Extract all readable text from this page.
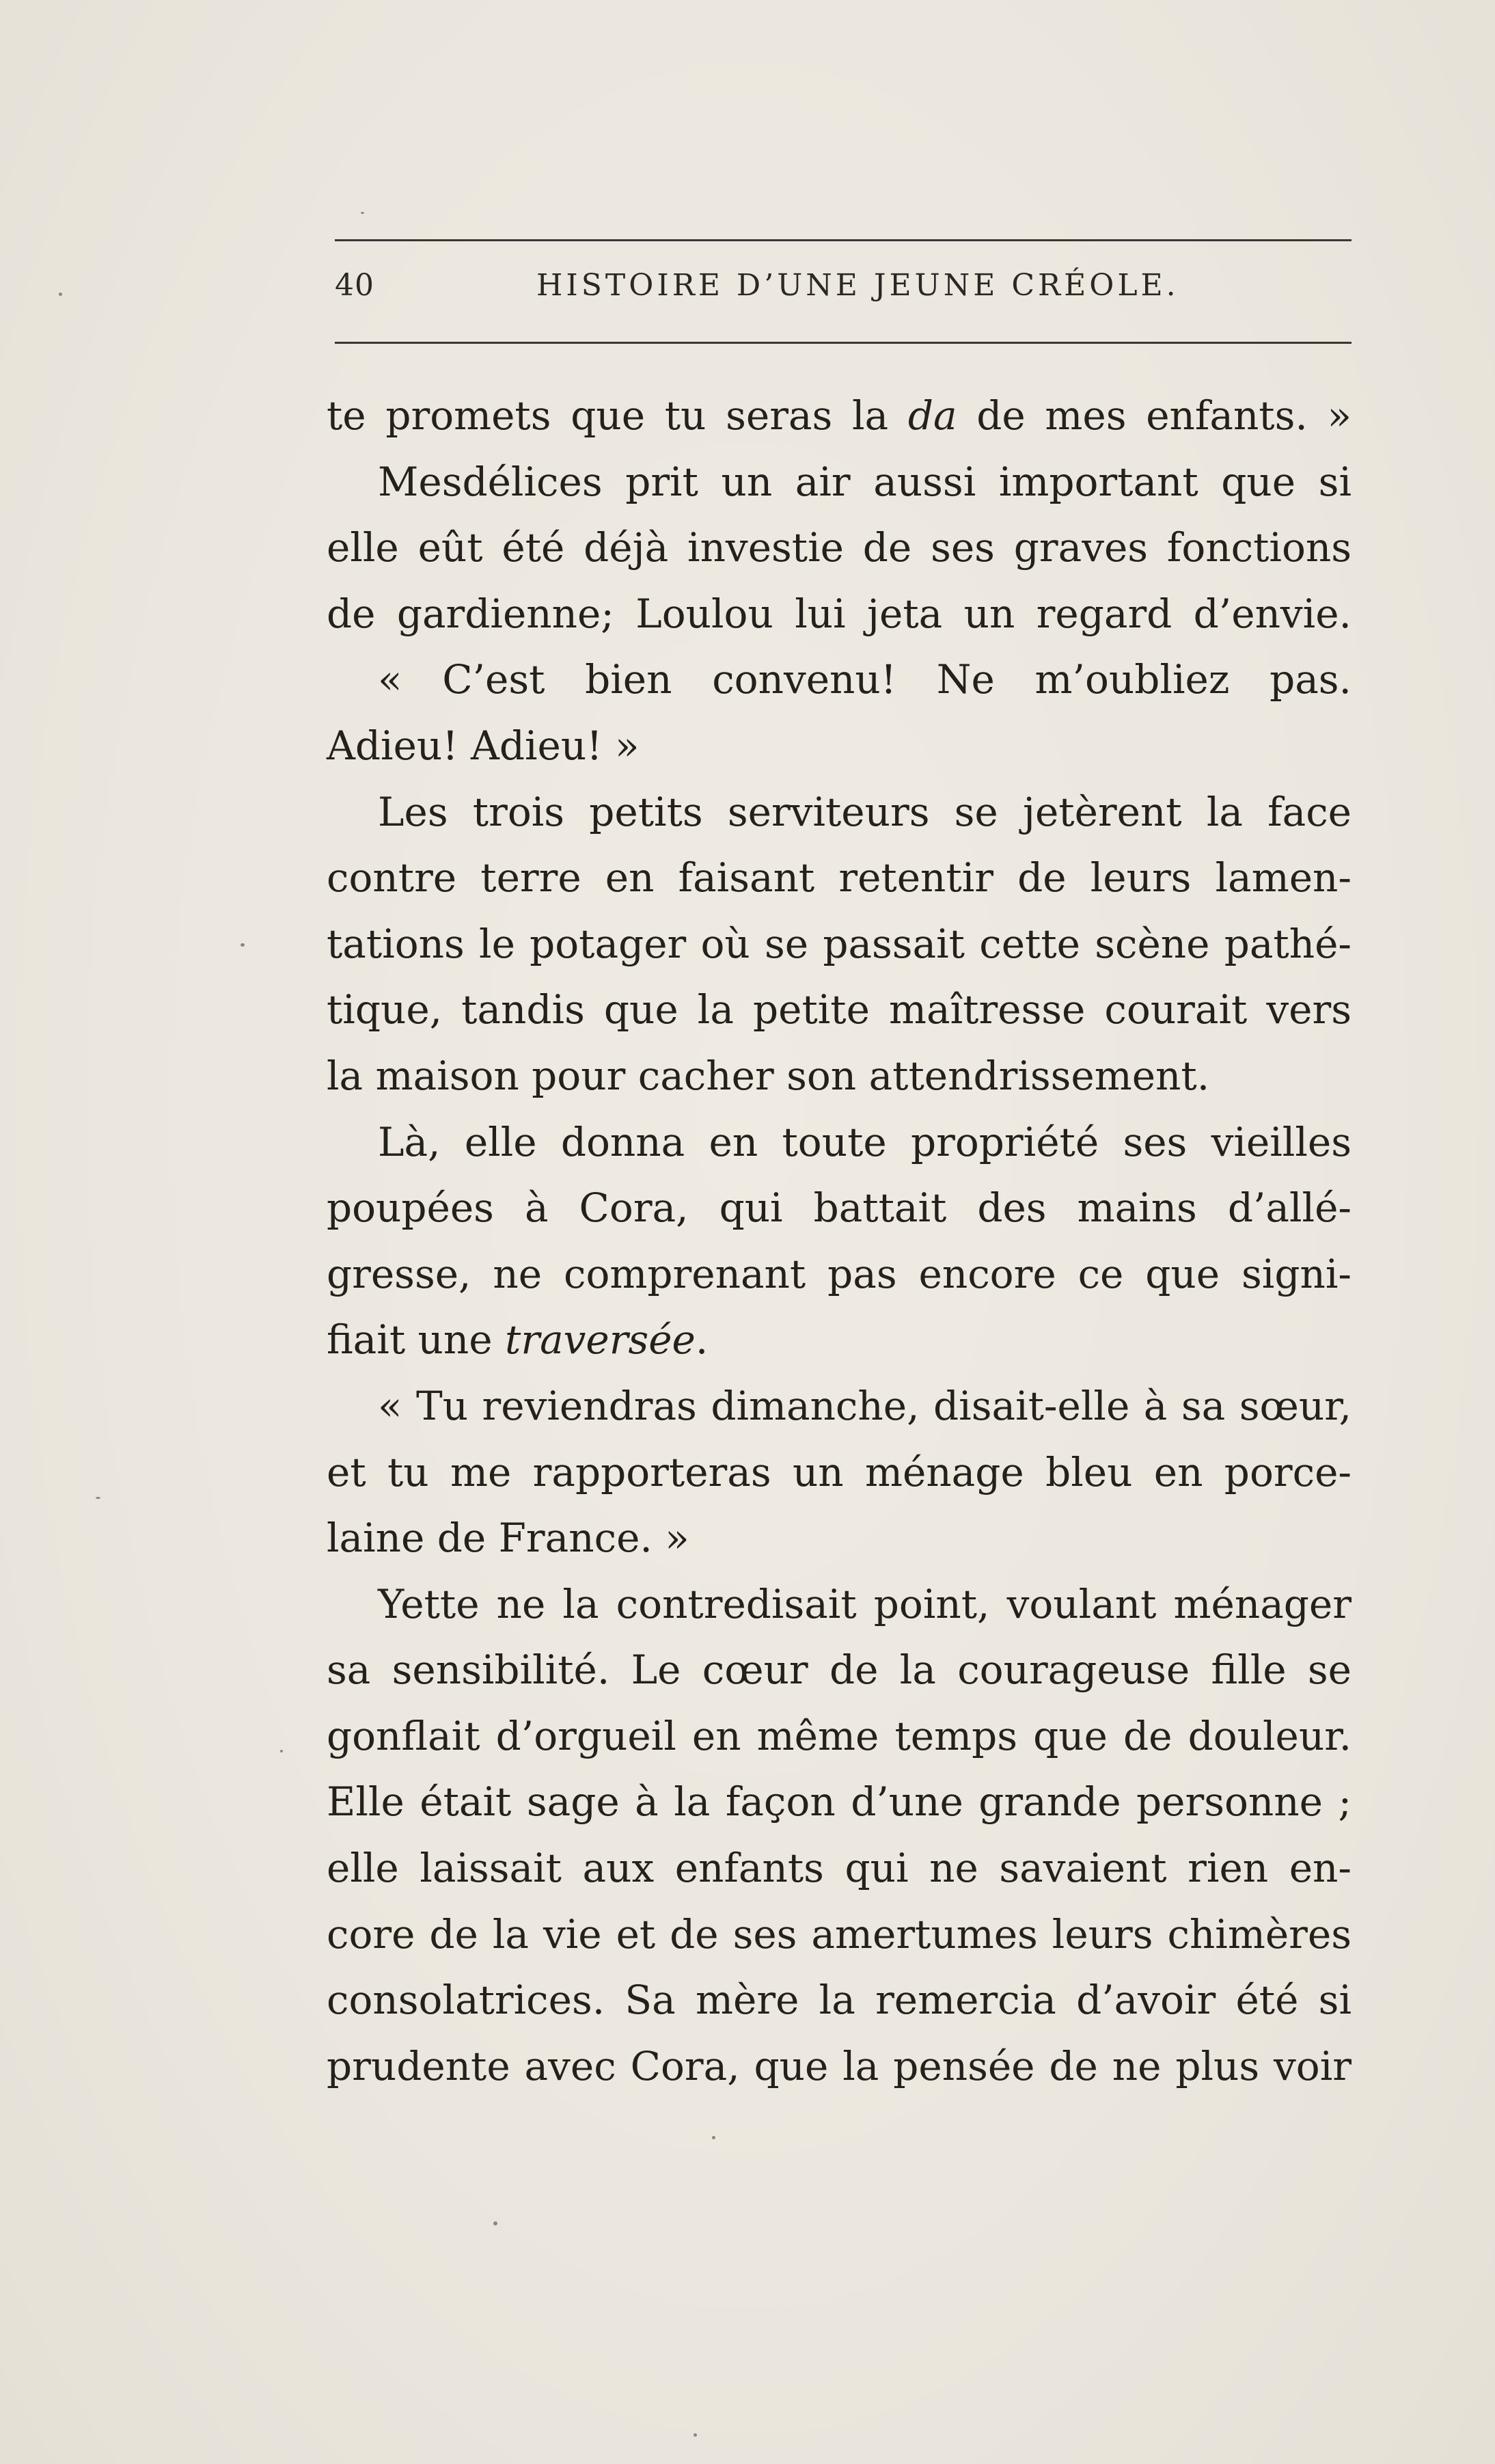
40	HISTOIRE D’UNE JEUNE CRÉOLE.
te promets que tu seras la da de mes enfants. »
Mesdélices prit un air aussi important que si
elle eût été déjà investie de ses graves fonctions
de gardienne; Loulou lui jeta un regard d’envie.
« C’est bien convenu! Ne m’oubliez pas.
Adieu! Adieu! »
Les trois petits serviteurs se jetèrent la face
contre terre en faisant retentir de leurs lamen-
tations le potager où se passait cette scène pathé-
tique, tandis que la petite maîtresse courait vers
la maison pour cacher son attendrissement.
Là, elle donna en toute propriété ses vieilles
poupées à Cora, qui battait des mains d’allé-
gresse, ne comprenant pas encore ce que signi-
fiait une traversée.
« Tu reviendras dimanche, disait-elle à sa sœur,
et tu me rapporteras un ménage bleu en porce-
laine de France. »
Yette ne la contredisait point, voulant ménager
sa sensibilité. Le cœur de la courageuse fille se
gonflait d’orgueil en même temps que de douleur.
Elle était sage à la façon d’une grande personne ;
elle laissait aux enfants qui ne savaient rien en-
core de la vie et de ses amertumes leurs chimères
consolatrices. Sa mère la remercia d’avoir été si
prudente avec Cora, que la pensée de ne plus voir
